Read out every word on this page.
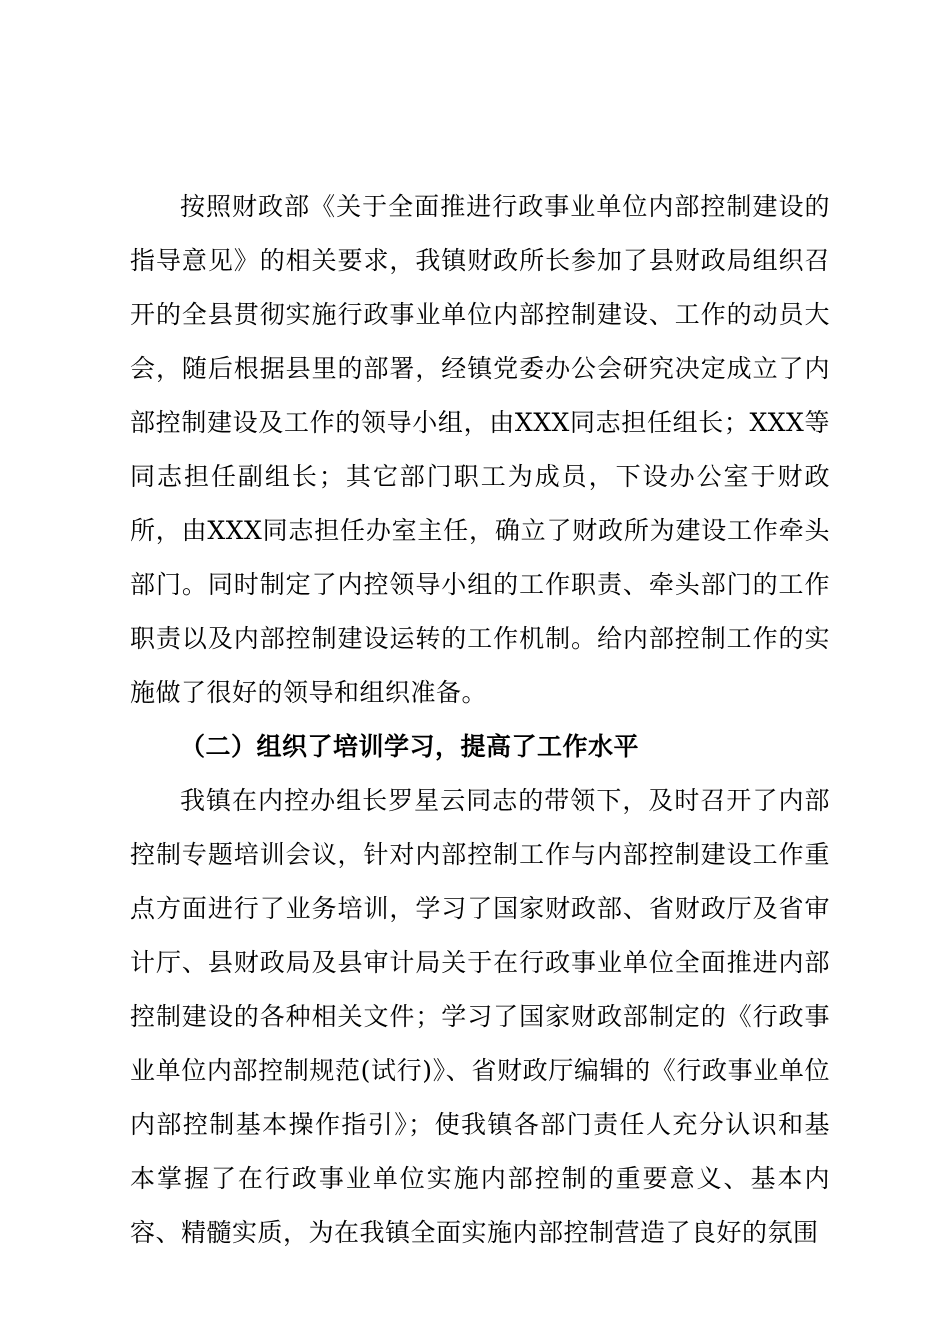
按照财政部《关于全面推进行政事业单位内部控制建设的指导意见》的相关要求，我镇财政所长参加了县财政局组织召开的全县贯彻实施行政事业单位内部控制建设、工作的动员大会，随后根据县里的部署，经镇党委办公会研究决定成立了内部控制建设及工作的领导小组，由XXX同志担任组长；XXX等同志担任副组长；其它部门职工为成员，下设办公室于财政所，由XXX同志担任办室主任，确立了财政所为建设工作牵头部门。同时制定了内控领导小组的工作职责、牵头部门的工作职责以及内部控制建设运转的工作机制。给内部控制工作的实施做了很好的领导和组织准备。

（二）组织了培训学习，提高了工作水平

我镇在内控办组长罗星云同志的带领下，及时召开了内部控制专题培训会议，针对内部控制工作与内部控制建设工作重点方面进行了业务培训，学习了国家财政部、省财政厅及省审计厅、县财政局及县审计局关于在行政事业单位全面推进内部控制建设的各种相关文件；学习了国家财政部制定的《行政事业单位内部控制规范(试行)》、省财政厅编辑的《行政事业单位内部控制基本操作指引》；使我镇各部门责任人充分认识和基本掌握了在行政事业单位实施内部控制的重要意义、基本内容、精髓实质，为在我镇全面实施内部控制营造了良好的氛围
